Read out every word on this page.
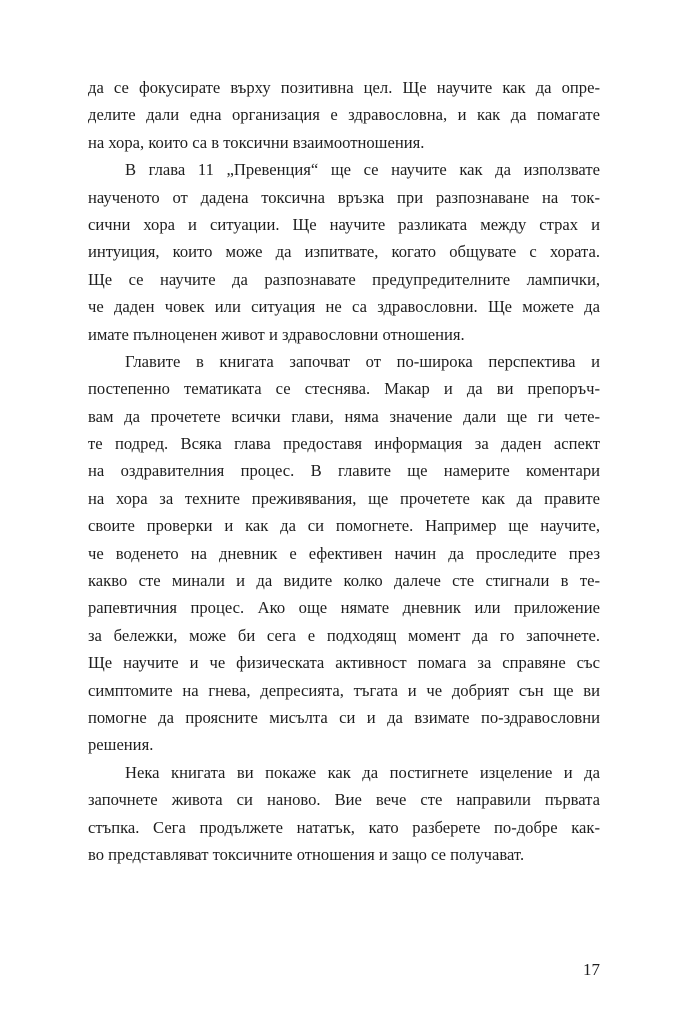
да се фокусирате върху позитивна цел. Ще научите как да опре-
делите дали една организация е здравословна, и как да помагате
на хора, които са в токсични взаимоотношения.
В глава 11 „Превенция“ ще се научите как да използвате
наученото от дадена токсична връзка при разпознаване на ток-
сични хора и ситуации. Ще научите разликата между страх и
интуиция, които може да изпитвате, когато общувате с хората.
Ще се научите да разпознавате предупредителните лампички,
че даден човек или ситуация не са здравословни. Ще можете да
имате пълноценен живот и здравословни отношения.
Главите в книгата започват от по-широка перспектива и
постепенно тематиката се стеснява. Макар и да ви препоръч-
вам да прочетете всички глави, няма значение дали ще ги чете-
те подред. Всяка глава предоставя информация за даден аспект
на оздравителния процес. В главите ще намерите коментари
на хора за техните преживявания, ще прочетете как да правите
своите проверки и как да си помогнете. Например ще научите,
че воденето на дневник е ефективен начин да проследите през
какво сте минали и да видите колко далече сте стигнали в те-
рапевтичния процес. Ако още нямате дневник или приложение
за бележки, може би сега е подходящ момент да го започнете.
Ще научите и че физическата активност помага за справяне със
симптомите на гнева, депресията, тъгата и че добрият сън ще ви
помогне да проясните мисълта си и да взимате по-здравословни
решения.
Нека книгата ви покаже как да постигнете изцеление и да
започнете живота си наново. Вие вече сте направили първата
стъпка. Сега продължете нататък, като разберете по-добре как-
во представляват токсичните отношения и защо се получават.
17
